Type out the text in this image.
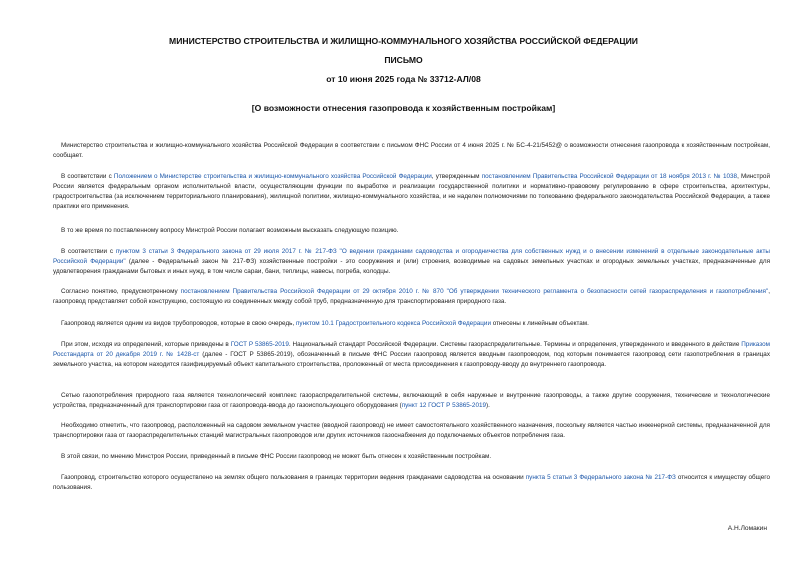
МИНИСТЕРСТВО СТРОИТЕЛЬСТВА И ЖИЛИЩНО-КОММУНАЛЬНОГО ХОЗЯЙСТВА РОССИЙСКОЙ ФЕДЕРАЦИИ
ПИСЬМО
от 10 июня 2025 года № 33712-АЛ/08
[О возможности отнесения газопровода к хозяйственным постройкам]

Министерство строительства и жилищно-коммунального хозяйства Российской Федерации в соответствии с письмом ФНС России от 4 июня 2025 г. № БС-4-21/5452@ о возможности отнесения газопровода к хозяйственным постройкам, сообщает.

В соответствии с Положением о Министерстве строительства и жилищно-коммунального хозяйства Российской Федерации, утвержденным постановлением Правительства Российской Федерации от 18 ноября 2013 г. № 1038, Минстрой России является федеральным органом исполнительной власти, осуществляющим функции по выработке и реализации государственной политики и нормативно-правовому регулированию в сфере строительства, архитектуры, градостроительства (за исключением территориального планирования), жилищной политики, жилищно-коммунального хозяйства, и не наделен полномочиями по толкованию федерального законодательства Российской Федерации, а также практики его применения.

В то же время по поставленному вопросу Минстрой России полагает возможным высказать следующую позицию.

В соответствии с пунктом 3 статьи 3 Федерального закона от 29 июля 2017 г. № 217-ФЗ "О ведении гражданами садоводства и огородничества для собственных нужд и о внесении изменений в отдельные законодательные акты Российской Федерации" (далее - Федеральный закон № 217-ФЗ) хозяйственные постройки - это сооружения и (или) строения, возводимые на садовых земельных участках и огородных земельных участках, предназначенные для удовлетворения гражданами бытовых и иных нужд, в том числе сараи, бани, теплицы, навесы, погреба, колодцы.

Согласно понятию, предусмотренному постановлением Правительства Российской Федерации от 29 октября 2010 г. № 870 "Об утверждении технического регламента о безопасности сетей газораспределения и газопотребления", газопровод представляет собой конструкцию, состоящую из соединенных между собой труб, предназначенную для транспортирования природного газа.

Газопровод является одним из видов трубопроводов, которые в свою очередь, пунктом 10.1 Градостроительного кодекса Российской Федерации отнесены к линейным объектам.

При этом, исходя из определений, которые приведены в ГОСТ Р 53865-2019. Национальный стандарт Российской Федерации. Системы газораспределительные. Термины и определения, утвержденного и введенного в действие Приказом Росстандарта от 20 декабря 2019 г. № 1428-ст (далее - ГОСТ Р 53865-2019), обозначенный в письме ФНС России газопровод является вводным газопроводом, под которым понимается газопровод сети газопотребления в границах земельного участка, на котором находится газифицируемый объект капитального строительства, проложенный от места присоединения к газопроводу-вводу до внутреннего газопровода.

Сетью газопотребления природного газа является технологический комплекс газораспределительной системы, включающий в себя наружные и внутренние газопроводы, а также другие сооружения, технические и технологические устройства, предназначенный для транспортировки газа от газопровода-ввода до газоиспользующего оборудования (пункт 12 ГОСТ Р 53865-2019).

Необходимо отметить, что газопровод, расположенный на садовом земельном участке (вводной газопровод) не имеет самостоятельного хозяйственного назначения, поскольку является частью инженерной системы, предназначенной для транспортировки газа от газораспределительных станций магистральных газопроводов или других источников газоснабжения до подключаемых объектов потребления газа.

В этой связи, по мнению Минстроя России, приведенный в письме ФНС России газопровод не может быть отнесен к хозяйственным постройкам.

Газопровод, строительство которого осуществлено на землях общего пользования в границах территории ведения гражданами садоводства на основании пункта 5 статьи 3 Федерального закона № 217-ФЗ относится к имуществу общего пользования.

А.Н.Ломакин
